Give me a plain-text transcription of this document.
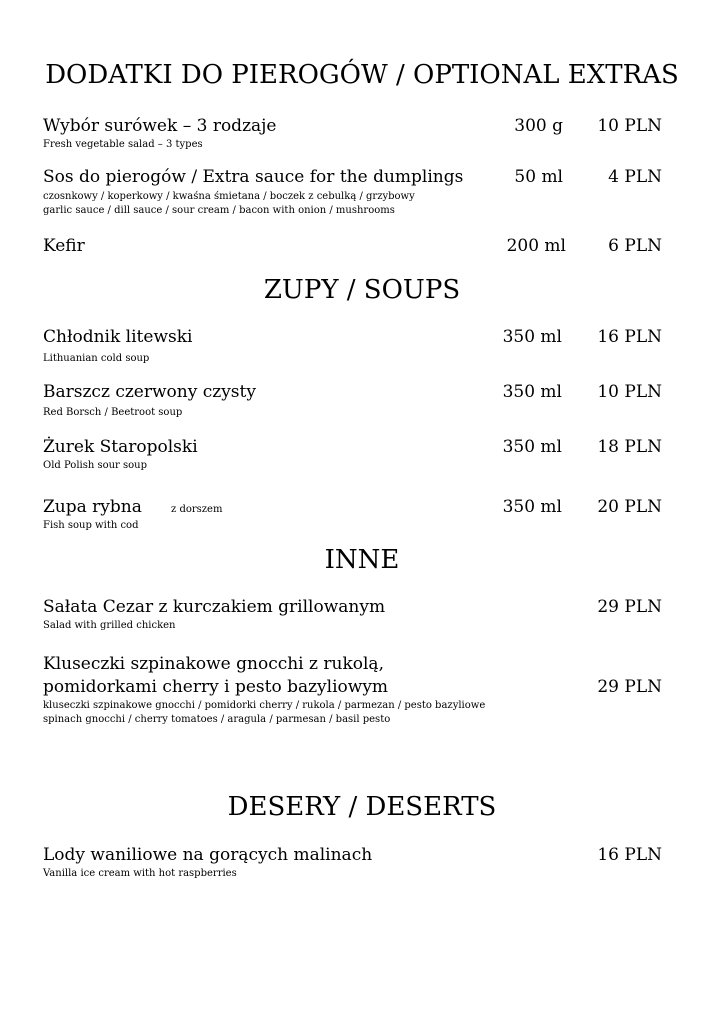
DODATKI DO PIEROGÓW / OPTIONAL EXTRAS
Wybór surówek – 3 rodzaje
Fresh vegetable salad – 3 types
300 g	10 PLN
Sos do pierogów / Extra sauce for the dumplings
czosnkowy / koperkowy / kwaśna śmietana / boczek z cebulką / grzybowy
garlic sauce / dill sauce / sour cream / bacon with onion / mushrooms
50 ml	4 PLN
Kefir	200 ml	6 PLN
ZUPY / SOUPS
Chłodnik litewski
Lithuanian cold soup
350 ml	16 PLN
Barszcz czerwony czysty
Red Borsch / Beetroot soup
350 ml	10 PLN
Żurek Staropolski
Old Polish sour soup
350 ml	18 PLN
Zupa rybna	z dorszem
Fish soup with cod
350 ml	20 PLN
INNE
Sałata Cezar z kurczakiem grillowanym
Salad with grilled chicken
29 PLN
Kluseczki szpinakowe gnocchi z rukolą,
pomidorkami cherry i pesto bazyliowym
kluseczki szpinakowe gnocchi / pomidorki cherry / rukola / parmezan / pesto bazyliowe
spinach gnocchi / cherry tomatoes / aragula / parmesan / basil pesto
29 PLN
DESERY / DESERTS
Lody waniliowe na gorących malinach
Vanilla ice cream with hot raspberries
16 PLN
